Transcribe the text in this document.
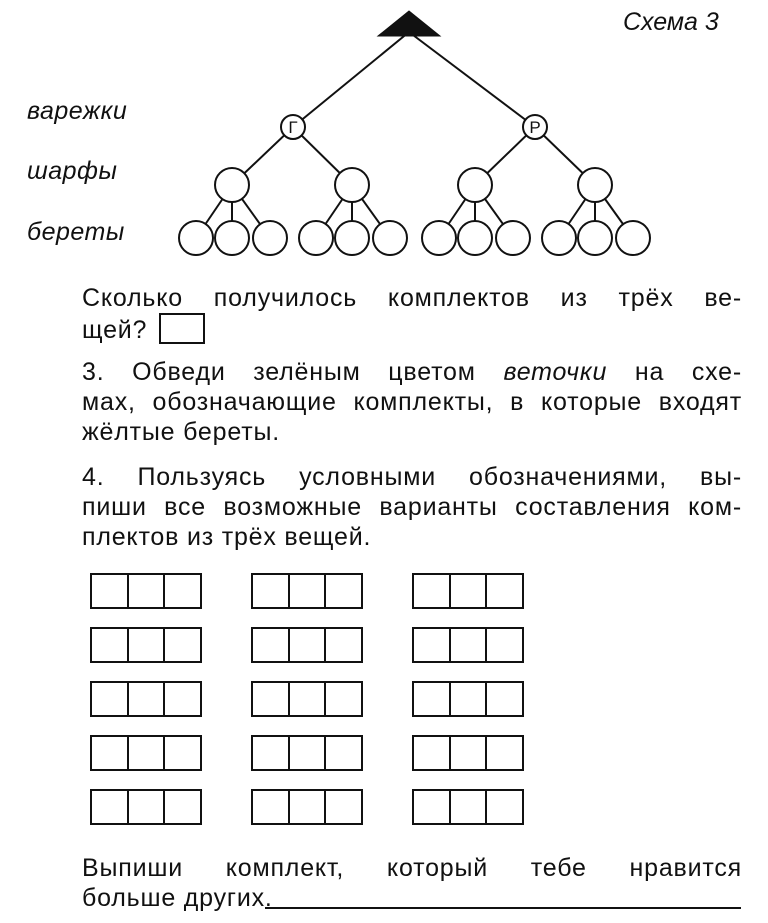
Г	Р
Схема 3
варежки
шарфы
береты
Сколько получилось комплектов из трёх ве-
щей?
3. Обведи зелёным цветом веточки на схе-
мах, обозначающие комплекты, в которые входят
жёлтые береты.
4. Пользуясь условными обозначениями, вы-
пиши все возможные варианты составления ком-
плектов из трёх вещей.
Выпиши комплект, который тебе нравится
больше других.
